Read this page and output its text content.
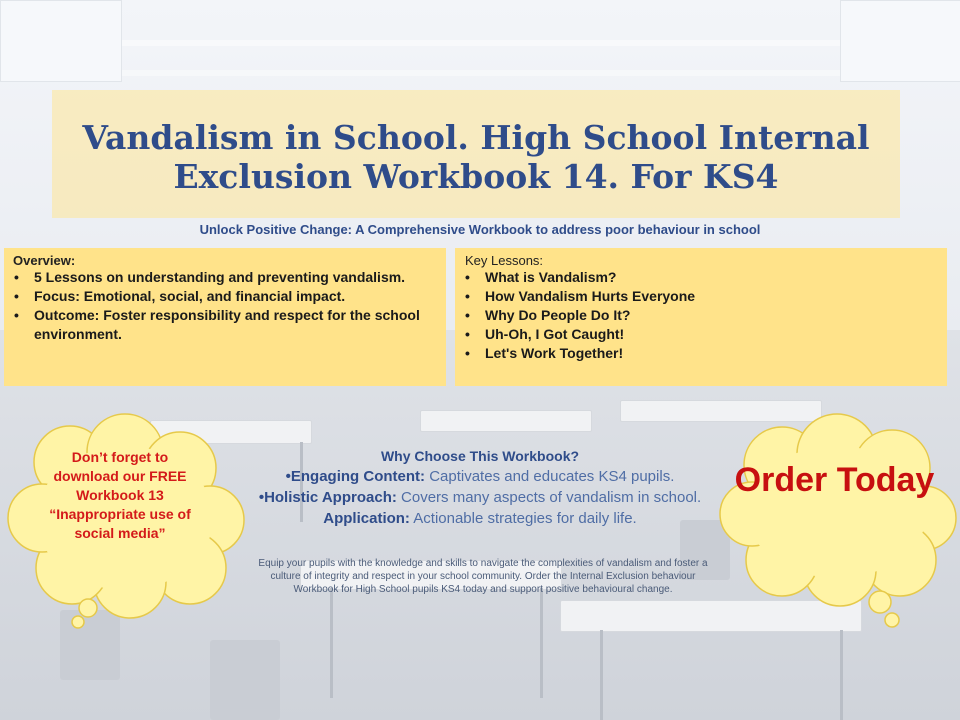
Vandalism in School. High School Internal Exclusion Workbook 14. For KS4
Unlock Positive Change: A Comprehensive Workbook to address poor behaviour in school
Overview:
• 5 Lessons on understanding and preventing vandalism.
• Focus: Emotional, social, and financial impact.
• Outcome: Foster responsibility and respect for the school environment.
Key Lessons:
• What is Vandalism?
• How Vandalism Hurts Everyone
• Why Do People Do It?
• Uh-Oh, I Got Caught!
• Let's Work Together!
Don’t forget to download our FREE Workbook 13 “Inappropriate use of social media”
Order Today
Why Choose This Workbook?
•Engaging Content: Captivates and educates KS4 pupils.
•Holistic Approach: Covers many aspects of vandalism in school.
Application: Actionable strategies for daily life.
Equip your pupils with the knowledge and skills to navigate the complexities of vandalism and foster a culture of integrity and respect in your school community. Order the Internal Exclusion behaviour Workbook for High School pupils KS4 today and support positive behavioural change.
